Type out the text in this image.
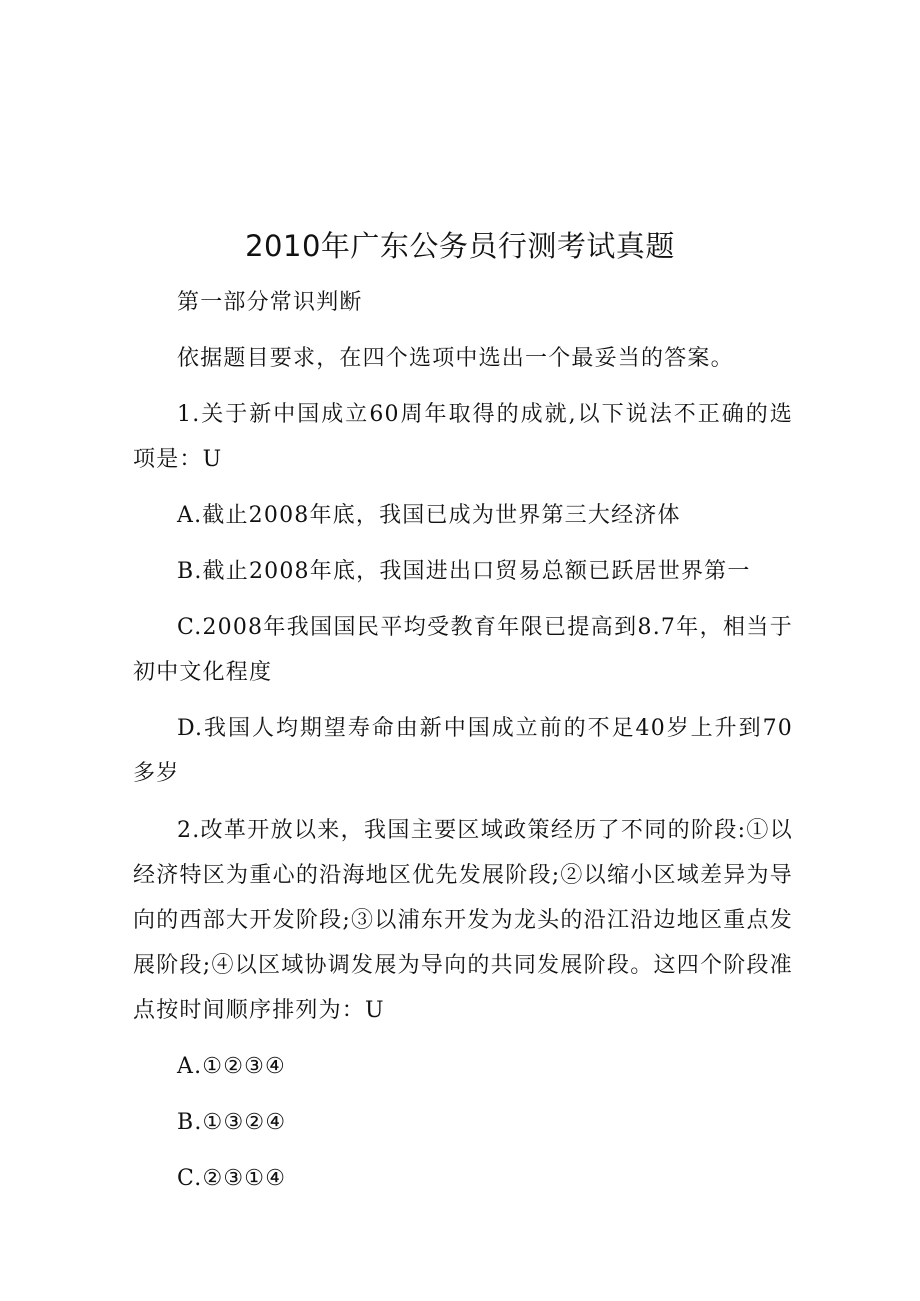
2010年广东公务员行测考试真题

第一部分常识判断

依据题目要求，在四个选项中选出一个最妥当的答案。

1.关于新中国成立60周年取得的成就,以下说法不正确的选项是：U

A.截止2008年底，我国已成为世界第三大经济体

B.截止2008年底，我国进出口贸易总额已跃居世界第一

C.2008年我国国民平均受教育年限已提高到8.7年，相当于初中文化程度

D.我国人均期望寿命由新中国成立前的不足40岁上升到70多岁

2.改革开放以来，我国主要区域政策经历了不同的阶段:①以经济特区为重心的沿海地区优先发展阶段;②以缩小区域差异为导向的西部大开发阶段;③以浦东开发为龙头的沿江沿边地区重点发展阶段;④以区域协调发展为导向的共同发展阶段。这四个阶段准点按时间顺序排列为：U

A.①②③④

B.①③②④

C.②③①④
